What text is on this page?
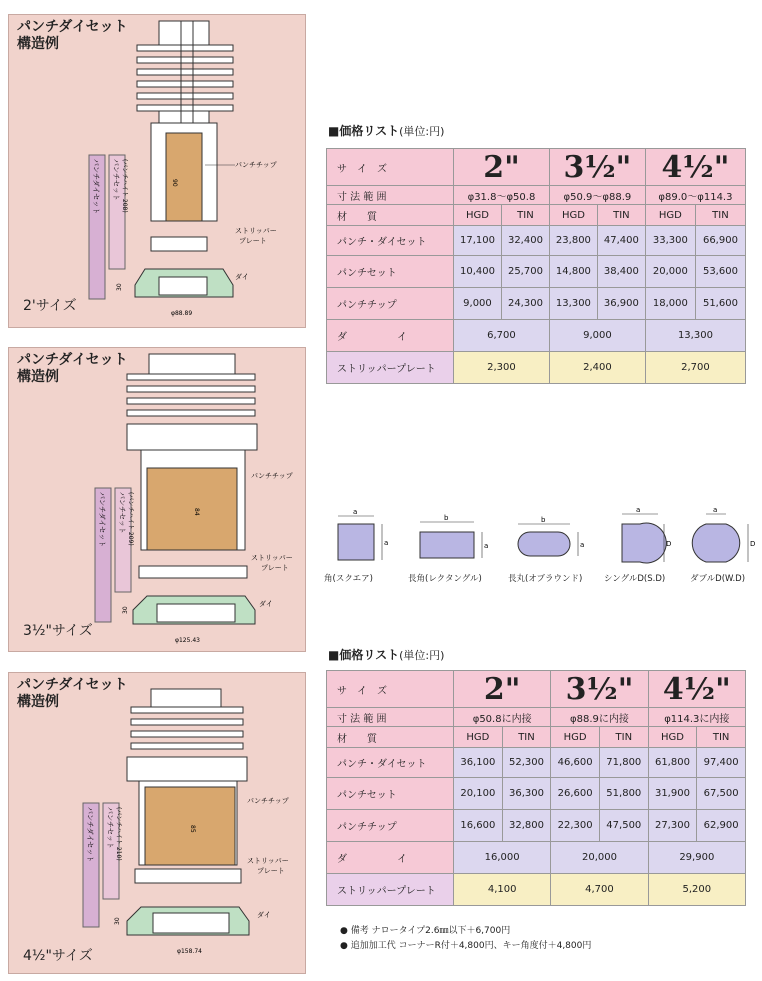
パンチダイセット
構造例
パンチチップ
ストリッパー
プレート
ダイ
90
30
φ88.89
パンチダイセット パンチセット (パンチハイト 208)
2'サイズ
パンチダイセット
構造例
パンチチップ
ストリッパー
プレート
ダイ
84
30
φ125.43
パンチダイセット パンチセット (パンチハイト 209)
3½"サイズ
パンチダイセット
構造例
パンチチップ
ストリッパー
プレート
ダイ
85
30
φ158.74
パンチダイセット パンチセット (パンチハイト 210)
4½"サイズ
■価格リスト(単位:円)
サ　イ　ズ	2"		3½"		4½"	
寸 法 範 囲	φ31.8～φ50.8		φ50.9～φ88.9		φ89.0～φ114.3	
材　　質	HGD	TIN	HGD	TIN	HGD	TIN
パンチ・ダイセット	17,100	32,400	23,800	47,400	33,300	66,900
パンチセット	10,400	25,700	14,800	38,400	20,000	53,600
パンチチップ	9,000	24,300	13,300	36,900	18,000	51,600
ダ　イ	6,700		9,000		13,300	
ストリッパープレート	2,300		2,400		2,700	
a
a
b
a
b
a
a
D
a
D
角(スクエア)	長角(レクタングル)	長丸(オブラウンド)	シングルD(S.D)	ダブルD(W.D)
■価格リスト(単位:円)
サ　イ　ズ	2"		3½"		4½"	
寸 法 範 囲	φ50.8に内接		φ88.9に内接		φ114.3に内接	
材　　質	HGD	TIN	HGD	TIN	HGD	TIN
パンチ・ダイセット	36,100	52,300	46,600	71,800	61,800	97,400
パンチセット	20,100	36,300	26,600	51,800	31,900	67,500
パンチチップ	16,600	32,800	22,300	47,500	27,300	62,900
ダ　イ	16,000		20,000		29,900	
ストリッパープレート	4,100		4,700		5,200	
● 備考 ナロータイプ2.6㎜以下＋6,700円
● 追加加工代 コーナーR付＋4,800円、キー角度付＋4,800円
